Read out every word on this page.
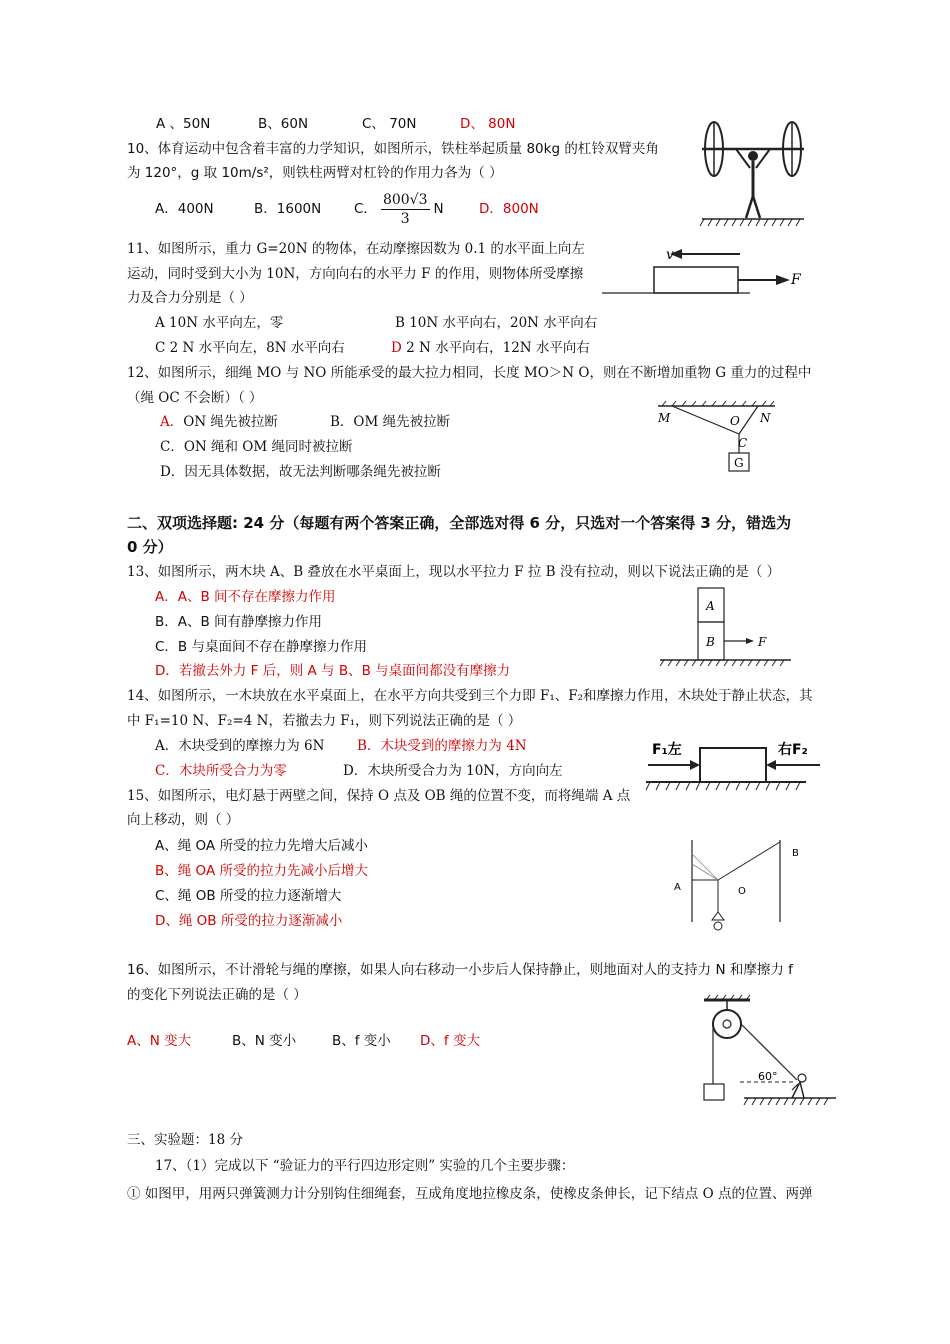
A 、50N	B、60N	C、 70N	D、 80N
10、体育运动中包含着丰富的力学知识，如图所示，铁柱举起质量 80kg 的杠铃双臂夹角
为 120°，g 取 10m/s²，则铁柱两臂对杠铃的作用力各为（ ）
A．400N	B．1600N C． $\frac{800√3}{3}$ N	D．800N
11、如图所示，重力 G=20N 的物体，在动摩擦因数为 0.1 的水平面上向左
运动，同时受到大小为 10N，方向向右的水平力 F 的作用，则物体所受摩擦
力及合力分别是（ ）
A 10N 水平向左，零	B 10N 水平向右，20N 水平向右
C 2 N 水平向左，8N 水平向右	D 2 N 水平向右，12N 水平向右
v
F
12、如图所示，细绳 MO 与 NO 所能承受的最大拉力相同，长度 MO＞N O，则在不断增加重物 G 重力的过程中
（绳 OC 不会断）（ ）
A．ON 绳先被拉断	B．OM 绳先被拉断
C．ON 绳和 OM 绳同时被拉断
D．因无具体数据，故无法判断哪条绳先被拉断
M	O N
C
G
二、双项选择题: 24 分（每题有两个答案正确，全部选对得 6 分，只选对一个答案得 3 分，错选为
0 分）
13、如图所示，两木块 A、B 叠放在水平桌面上，现以水平拉力 F 拉 B 没有拉动，则以下说法正确的是（ ）
A．A、B 间不存在摩擦力作用
B．A、B 间有静摩擦力作用
C．B 与桌面间不存在静摩擦力作用
D．若撤去外力 F 后，则 A 与 B、B 与桌面间都没有摩擦力
A
B	F
14、如图所示，一木块放在水平桌面上，在水平方向共受到三个力即 F₁、F₂和摩擦力作用，木块处于静止状态，其
中 F₁=10 N、F₂=4 N，若撤去力 F₁，则下列说法正确的是（ ）
A．木块受到的摩擦力为 6N B．木块受到的摩擦力为 4N
C．木块所受合力为零	D．木块所受合力为 10N，方向向左
F₁左	右F₂
15、如图所示，电灯悬于两壁之间，保持 O 点及 OB 绳的位置不变，而将绳端 A 点
向上移动，则（ ）
A、绳 OA 所受的拉力先增大后减小
B、绳 OA 所受的拉力先减小后增大
C、绳 OB 所受的拉力逐渐增大
D、绳 OB 所受的拉力逐渐减小
A
B
O
16、如图所示，不计滑轮与绳的摩擦，如果人向右移动一小步后人保持静止，则地面对人的支持力 N 和摩擦力 f
的变化下列说法正确的是（ ）
A、N 变大	B、N 变小	B、f 变小 D、f 变大
60°
三、实验题：18 分
17、（1）完成以下 “验证力的平行四边形定则” 实验的几个主要步骤：
① 如图甲，用两只弹簧测力计分别钩住细绳套，互成角度地拉橡皮条，使橡皮条伸长，记下结点 O 点的位置、两弹
